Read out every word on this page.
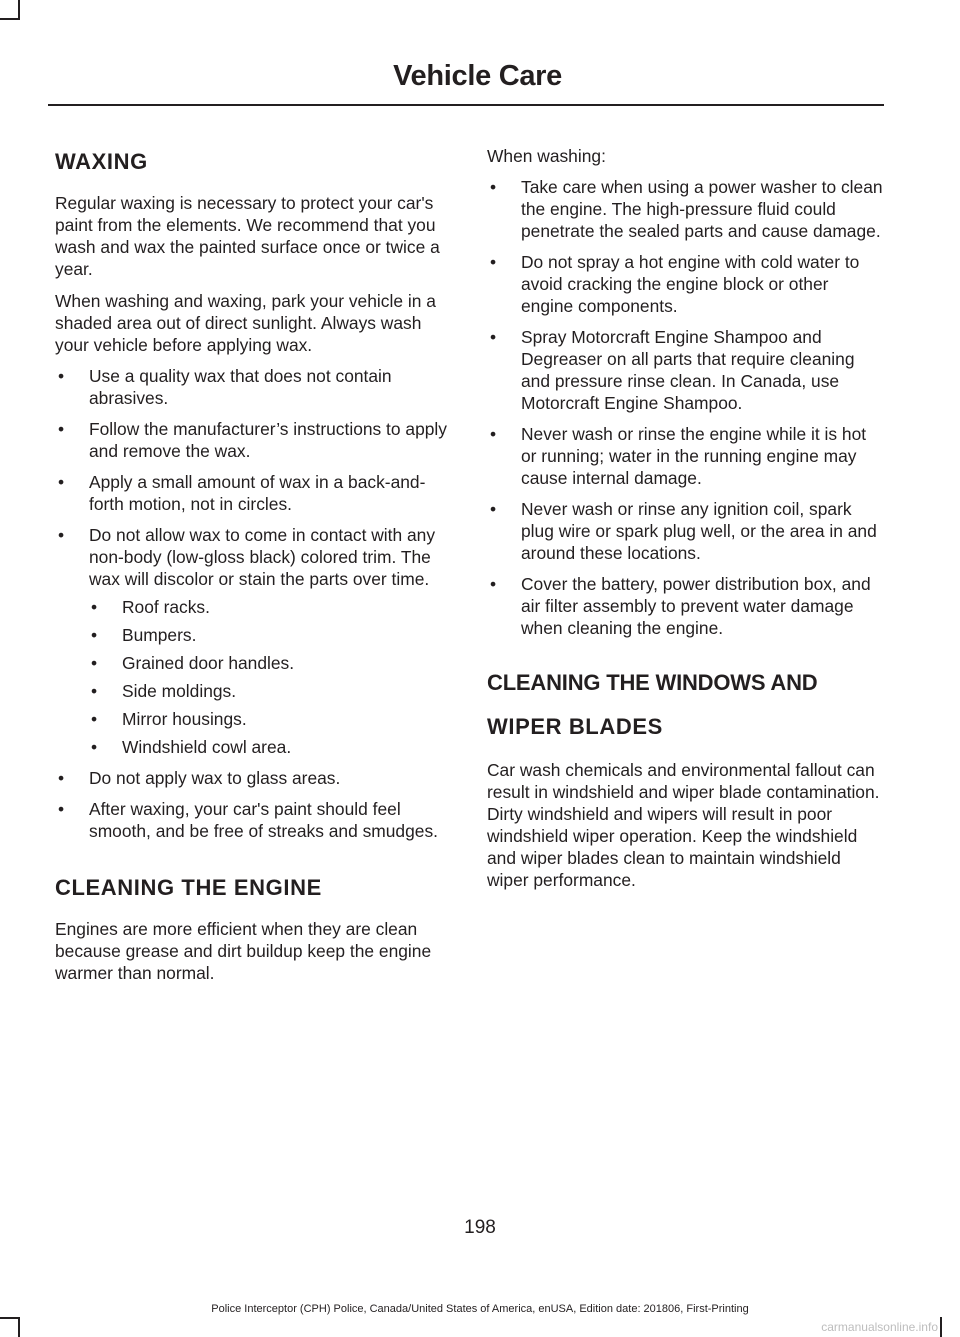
Vehicle Care
WAXING

Regular waxing is necessary to protect your car's paint from the elements. We recommend that you wash and wax the painted surface once or twice a year.

When washing and waxing, park your vehicle in a shaded area out of direct sunlight. Always wash your vehicle before applying wax.

• Use a quality wax that does not contain abrasives.
• Follow the manufacturer’s instructions to apply and remove the wax.
• Apply a small amount of wax in a back-and-forth motion, not in circles.
• Do not allow wax to come in contact with any non-body (low-gloss black) colored trim. The wax will discolor or stain the parts over time.
• Roof racks.
• Bumpers.
• Grained door handles.
• Side moldings.
• Mirror housings.
• Windshield cowl area.
• Do not apply wax to glass areas.
• After waxing, your car's paint should feel smooth, and be free of streaks and smudges.
CLEANING THE ENGINE

Engines are more efficient when they are clean because grease and dirt buildup keep the engine warmer than normal.

When washing:

• Take care when using a power washer to clean the engine. The high-pressure fluid could penetrate the sealed parts and cause damage.
• Do not spray a hot engine with cold water to avoid cracking the engine block or other engine components.
• Spray Motorcraft Engine Shampoo and Degreaser on all parts that require cleaning and pressure rinse clean. In Canada, use Motorcraft Engine Shampoo.
• Never wash or rinse the engine while it is hot or running; water in the running engine may cause internal damage.
• Never wash or rinse any ignition coil, spark plug wire or spark plug well, or the area in and around these locations.
• Cover the battery, power distribution box, and air filter assembly to prevent water damage when cleaning the engine.
CLEANING THE WINDOWS AND
WIPER BLADES

Car wash chemicals and environmental fallout can result in windshield and wiper blade contamination. Dirty windshield and wipers will result in poor windshield wiper operation. Keep the windshield and wiper blades clean to maintain windshield wiper performance.

198
Police Interceptor (CPH) Police, Canada/United States of America, enUSA, Edition date: 201806, First-Printing
carmanualsonline.info
